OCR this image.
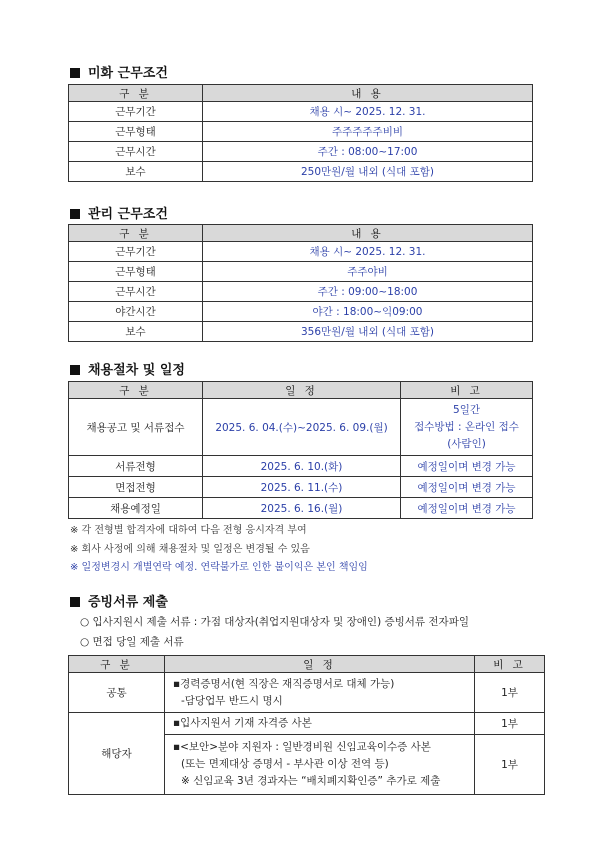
미화 근무조건
구 분	내 용
근무기간	채용 시~ 2025. 12. 31.
근무형태	주주주주주비비
근무시간	주간 : 08:00~17:00
보수	250만원/월 내외 (식대 포함)
관리 근무조건
구 분	내 용
근무기간	채용 시~ 2025. 12. 31.
근무형태	주주야비
근무시간	주간 : 09:00~18:00
야간시간	야간 : 18:00~익09:00
보수	356만원/월 내외 (식대 포함)
채용절차 및 일정
구 분	일 정	비 고
채용공고 및 서류접수	2025. 6. 04.(수)~2025. 6. 09.(월)	5일간
접수방법 : 온라인 접수
(사람인)

서류전형	2025. 6. 10.(화)	예정일이며 변경 가능
면접전형	2025. 6. 11.(수)	예정일이며 변경 가능
채용예정일	2025. 6. 16.(월)	예정일이며 변경 가능
※ 각 전형별 합격자에 대하여 다음 전형 응시자격 부여
※ 회사 사정에 의해 채용절차 및 일정은 변경될 수 있음
※ 일정변경시 개별연락 예정. 연락불가로 인한 불이익은 본인 책임임
증빙서류 제출
○ 입사지원시 제출 서류 : 가점 대상자(취업지원대상자 및 장애인) 증빙서류 전자파일
○ 면접 당일 제출 서류
구 분	일 정	비 고
공통	▪경력증명서(현 직장은 재직증명서로 대체 가능)
-담당업무 반드시 명시	1부
해당자	▪입사지원서 기재 자격증 사본	1부

	▪<보안>분야 지원자 : 일반경비원 신임교육이수증 사본
(또는 면제대상 증명서 - 부사관 이상 전역 등)
※ 신임교육 3년 경과자는 “배치폐지확인증” 추가로 제출	1부
